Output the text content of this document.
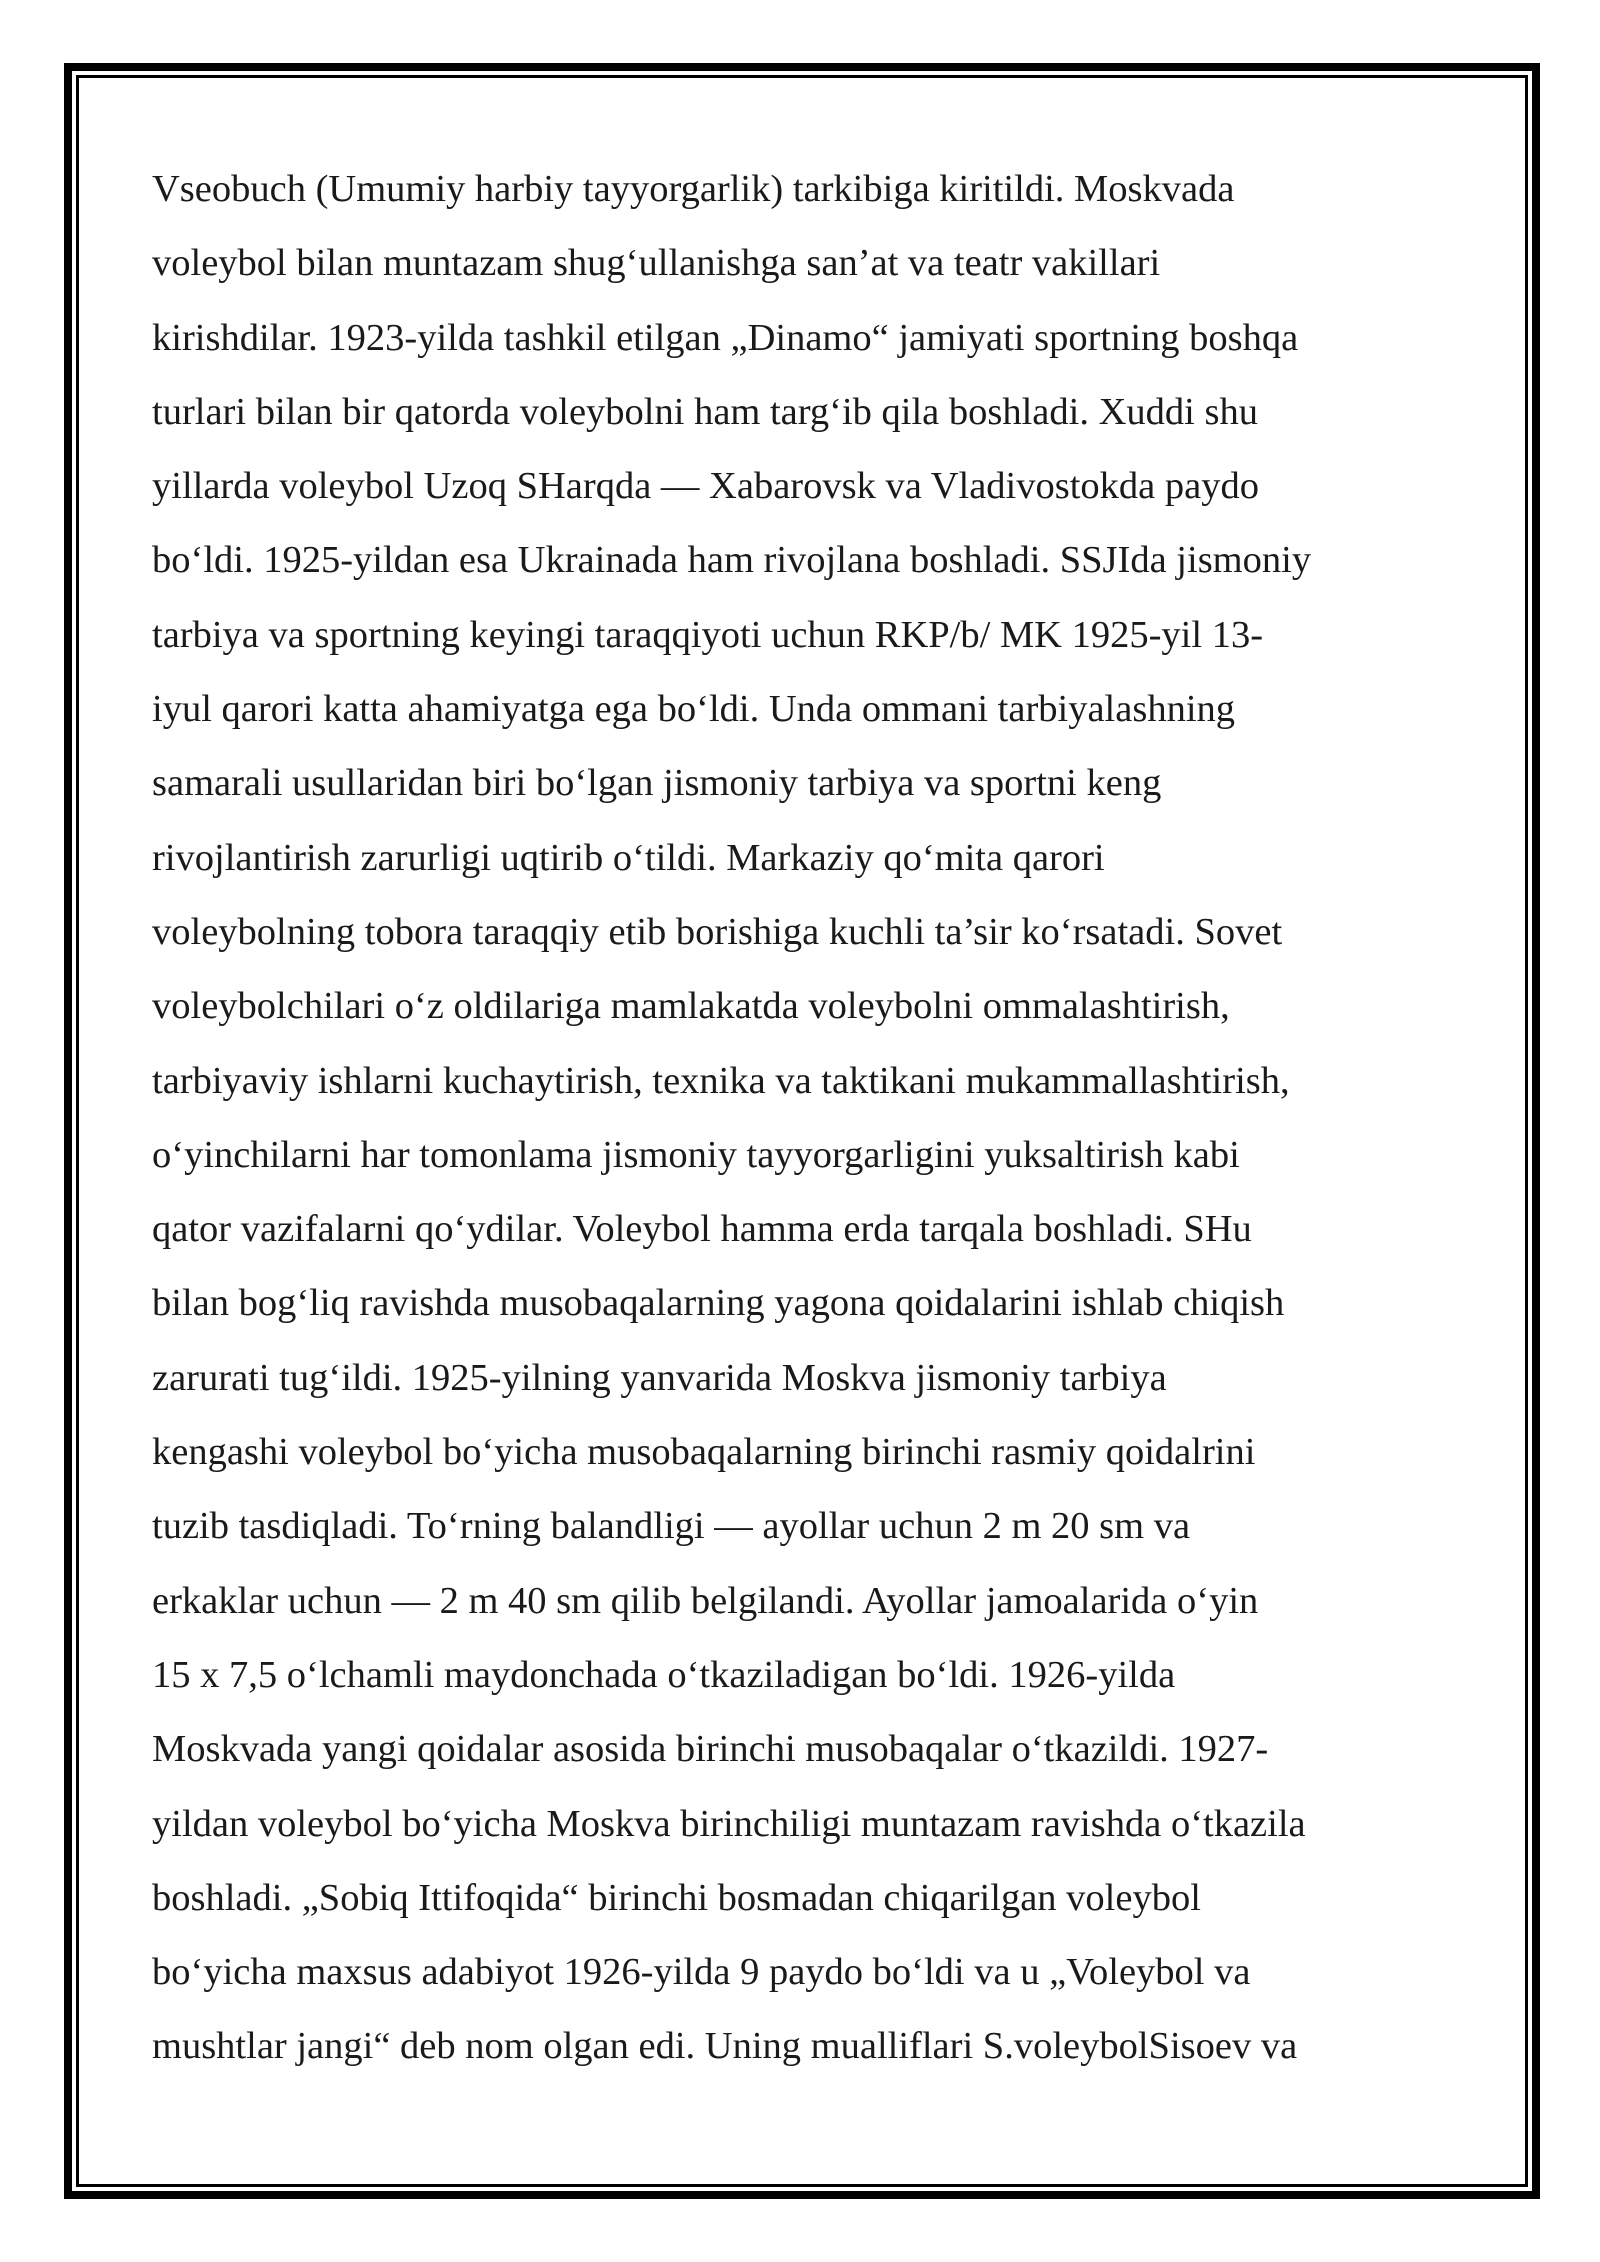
Vseobuch (Umumiy harbiy tayyorgarlik) tarkibiga kiritildi. Moskvada
voleybol bilan muntazam shug‘ullanishga san’at va teatr vakillari
kirishdilar. 1923-yilda tashkil etilgan „Dinamo“ jamiyati sportning boshqa
turlari bilan bir qatorda voleybolni ham targ‘ib qila boshladi. Xuddi shu
yillarda voleybol Uzoq SHarqda — Xabarovsk va Vladivostokda paydo
bo‘ldi. 1925-yildan esa Ukrainada ham rivojlana boshladi. SSJIda jismoniy
tarbiya va sportning keyingi taraqqiyoti uchun RKP/b/ MK 1925-yil 13-
iyul qarori katta ahamiyatga ega bo‘ldi. Unda ommani tarbiyalashning
samarali usullaridan biri bo‘lgan jismoniy tarbiya va sportni keng
rivojlantirish zarurligi uqtirib o‘tildi. Markaziy qo‘mita qarori
voleybolning tobora taraqqiy etib borishiga kuchli ta’sir ko‘rsatadi. Sovet
voleybolchilari o‘z oldilariga mamlakatda voleybolni ommalashtirish,
tarbiyaviy ishlarni kuchaytirish, texnika va taktikani mukammallashtirish,
o‘yinchilarni har tomonlama jismoniy tayyorgarligini yuksaltirish kabi
qator vazifalarni qo‘ydilar. Voleybol hamma erda tarqala boshladi. SHu
bilan bog‘liq ravishda musobaqalarning yagona qoidalarini ishlab chiqish
zarurati tug‘ildi. 1925-yilning yanvarida Moskva jismoniy tarbiya
kengashi voleybol bo‘yicha musobaqalarning birinchi rasmiy qoidalrini
tuzib tasdiqladi. To‘rning balandligi — ayollar uchun 2 m 20 sm va
erkaklar uchun — 2 m 40 sm qilib belgilandi. Ayollar jamoalarida o‘yin
15 x 7,5 o‘lchamli maydonchada o‘tkaziladigan bo‘ldi. 1926-yilda
Moskvada yangi qoidalar asosida birinchi musobaqalar o‘tkazildi. 1927-
yildan voleybol bo‘yicha Moskva birinchiligi muntazam ravishda o‘tkazila
boshladi. „Sobiq Ittifoqida“ birinchi bosmadan chiqarilgan voleybol
bo‘yicha maxsus adabiyot 1926-yilda 9 paydo bo‘ldi va u „Voleybol va
mushtlar jangi“ deb nom olgan edi. Uning mualliflari S.voleybolSisoev va
